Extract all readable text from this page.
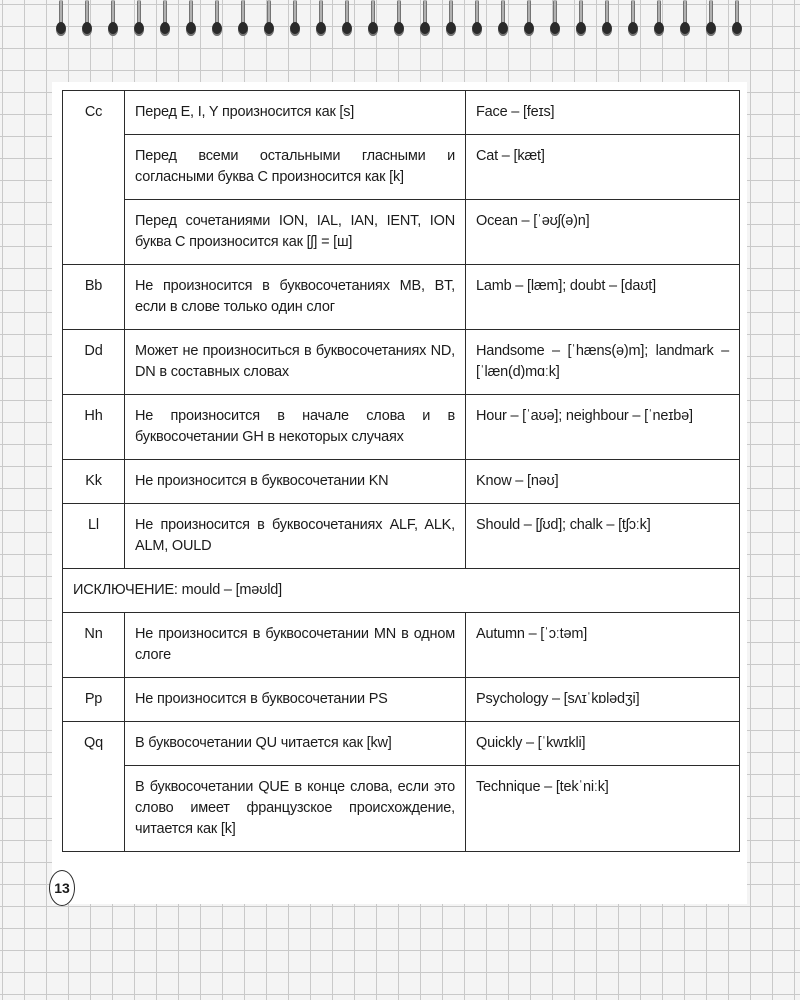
Cc	Перед E, I, Y произносится как [s]	Face – [feɪs]
	Перед всеми остальными гласными и согласными буква C произносится как [k]	Cat – [kæt]
	Перед сочетаниями ION, IAL, IAN, IENT, ION буква C произносится как [ʃ] = [ш]	Ocean – [ˈəʊʃ(ə)n]
Bb	Не произносится в буквосочетаниях MB, BT, если в слове только один слог	Lamb – [læm]; doubt – [daʊt]
Dd	Может не произноситься в буквосочетаниях ND, DN в составных словах	Handsome – [ˈhæns(ə)m]; landmark – [ˈlæn(d)mɑːk]
Hh	Не произносится в начале слова и в буквосочетании GH в некоторых случаях	Hour – [ˈaʊə]; neighbour – [ˈneɪbə]
Kk	Не произносится в буквосочетании KN	Know – [nəʊ]
Ll	Не произносится в буквосочетаниях ALF, ALK, ALM, OULD	Should – [ʃʊd]; chalk – [tʃɔːk]
ИСКЛЮЧЕНИЕ: mould – [məʊld]		
Nn	Не произносится в буквосочетании MN в одном слоге	Autumn – [ˈɔːtəm]
Pp	Не произносится в буквосочетании PS	Psychology – [sʌɪˈkɒlədʒi]
Qq	В буквосочетании QU читается как [kw]	Quickly – [ˈkwɪkli]
	В буквосочетании QUE в конце слова, если это слово имеет французское происхождение, читается как [k]	Technique – [tekˈniːk]
13
